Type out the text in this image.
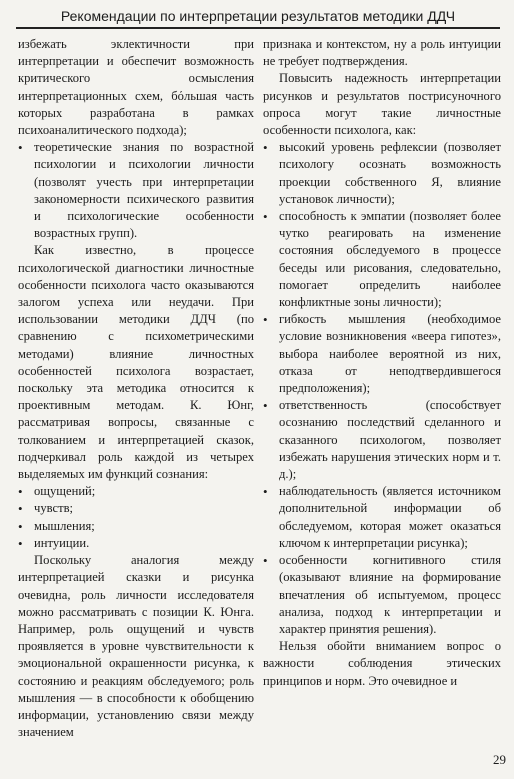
Рекомендации по интерпретации результатов методики ДДЧ

избежать эклектичности при интерпретации и обеспечит возможность критического осмысления интерпретационных схем, бόльшая часть которых разработана в рамках психоаналитического подхода);

• теоретические знания по возрастной психологии и психологии личности (позволят учесть при интерпретации закономерности психического развития и психологические особенности возрастных групп).

Как известно, в процессе психологической диагностики личностные особенности психолога часто оказываются залогом успеха или неудачи. При использовании методики ДДЧ (по сравнению с психометрическими методами) влияние личностных особенностей психолога возрастает, поскольку эта методика относится к проективным методам. К. Юнг, рассматривая вопросы, связанные с толкованием и интерпретацией сказок, подчеркивал роль каждой из четырех выделяемых им функций сознания:

• ощущений;
• чувств;
• мышления;
• интуиции.

Поскольку аналогия между интерпретацией сказки и рисунка очевидна, роль личности исследователя можно рассматривать с позиции К. Юнга. Например, роль ощущений и чувств проявляется в уровне чувствительности к эмоциональной окрашенности рисунка, к состоянию и реакциям обследуемого; роль мышления — в способности к обобщению информации, установлению связи между значением

признака и контекстом, ну а роль интуиции не требует подтверждения.

Повысить надежность интерпретации рисунков и результатов пострисуночного опроса могут такие личностные особенности психолога, как:

• высокий уровень рефлексии (позволяет психологу осознать возможность проекции собственного Я, влияние установок личности);
• способность к эмпатии (позволяет более чутко реагировать на изменение состояния обследуемого в процессе беседы или рисования, следовательно, помогает определить наиболее конфликтные зоны личности);
• гибкость мышления (необходимое условие возникновения «веера гипотез», выбора наиболее вероятной из них, отказа от неподтвердившегося предположения);
• ответственность (способствует осознанию последствий сделанного и сказанного психологом, позволяет избежать нарушения этических норм и т. д.);
• наблюдательность (является источником дополнительной информации об обследуемом, которая может оказаться ключом к интерпретации рисунка);
• особенности когнитивного стиля (оказывают влияние на формирование впечатления об испытуемом, процесс анализа, подход к интерпретации и характер принятия решения).

Нельзя обойти вниманием вопрос о важности соблюдения этических принципов и норм. Это очевидное и

29
